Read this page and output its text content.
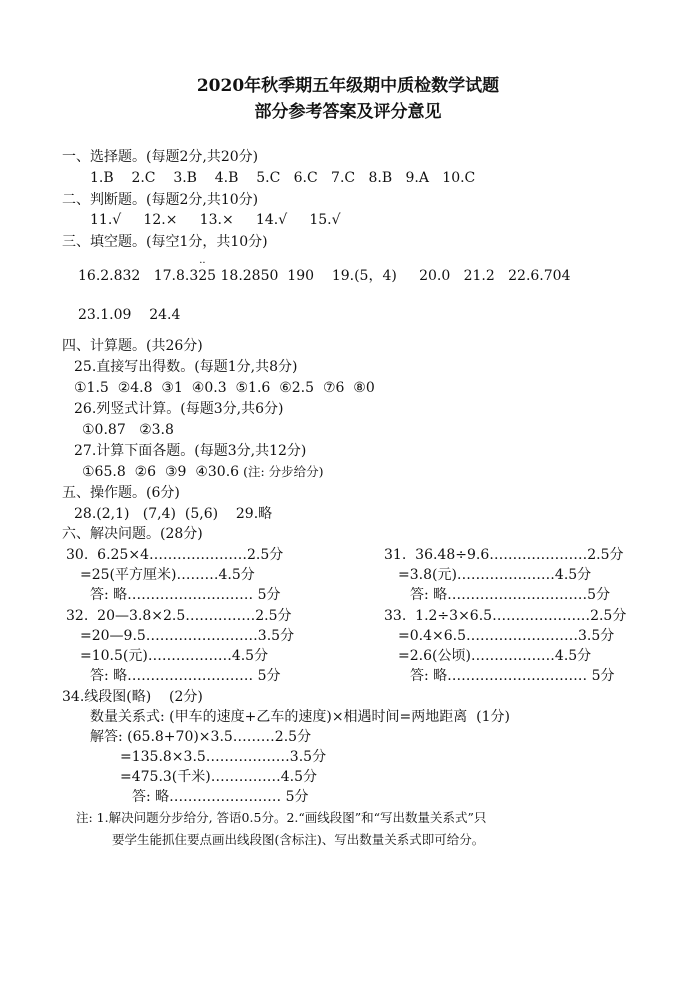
2020年秋季期五年级期中质检数学试题
部分参考答案及评分意见
一、选择题。(每题2分,共20分)
1.B    2.C    3.B    4.B    5.C   6.C   7.C   8.B   9.A   10.C
二、判断题。(每题2分,共10分)
11.√     12.×     13.×     14.√     15.√
三、填空题。(每空1分，共10分)
16.2.832   17.8.3
··
25 18.2850  190    19.(5，4)     20.0   21.2   22.6.704
23.1.09    24.4
四、计算题。(共26分)
25.直接写出得数。(每题1分,共8分)
①1.5  ②4.8  ③1  ④0.3  ⑤1.6  ⑥2.5  ⑦6  ⑧0
26.列竖式计算。(每题3分,共6分)
①0.87   ②3.8
27.计算下面各题。(每题3分,共12分)
①65.8  ②6  ③9  ④30.6 (注: 分步给分)
五、操作题。(6分)
28.(2,1)   (7,4)  (5,6)    29.略
六、解决问题。(28分)
30.  6.25×4…………………2.5分
=25(平方厘米)………4.5分
答: 略……………………… 5分
31.  36.48÷9.6…………………2.5分
=3.8(元)…………………4.5分
答: 略…………………………5分
32.  20—3.8×2.5……………2.5分
=20—9.5……………………3.5分
=10.5(元)………………4.5分
答: 略……………………… 5分
33.  1.2÷3×6.5…………………2.5分
=0.4×6.5……………………3.5分
=2.6(公顷)………………4.5分
答: 略………………………… 5分
34.线段图(略)    (2分)
数量关系式: (甲车的速度+乙车的速度)×相遇时间=两地距离  (1分)
解答: (65.8+70)×3.5………2.5分
=135.8×3.5………………3.5分
=475.3(千米)……………4.5分
答: 略…………………… 5分
注: 1.解决问题分步给分, 答语0.5分。2.“画线段图”和“写出数量关系式”只
要学生能抓住要点画出线段图(含标注)、写出数量关系式即可给分。
